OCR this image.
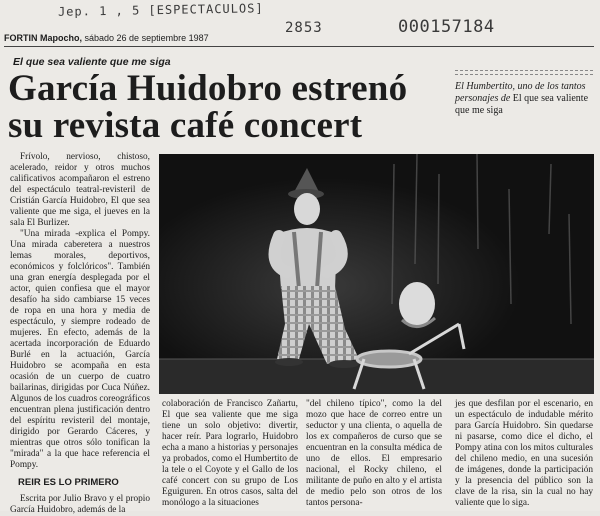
Jep. 1 , 5 [ESPECTACULOS]
2853	000157184
FORTIN Mapocho, sábado 26 de septiembre 1987
El que sea valiente que me siga
García Huidobro estrenó su revista café concert
El Humbertito, uno de los tantos personajes de El que sea valiente que me siga

Frívolo, nervioso, chistoso, acelerado, reidor y otros muchos calificativos acompañaron el estreno del espectáculo teatral-revisteril de Cristián García Huidobro, El que sea valiente que me siga, el jueves en la sala El Burlizer.

"Una mirada -explica el Pompy. Una mirada caberetera a nuestros lemas morales, deportivos, económicos y folclóricos". También una gran energía desplegada por el actor, quien confiesa que el mayor desafío ha sido cambiarse 15 veces de ropa en una hora y media de espectáculo, y siempre rodeado de mujeres. En efecto, además de la acertada incorporación de Eduardo Burlé en la actuación, García Huidobro se acompaña en esta ocasión de un cuerpo de cuatro bailarinas, dirigidas por Cuca Núñez. Algunos de los cuadros coreográficos encuentran plena justificación dentro del espíritu revisteril del montaje, dirigido por Gerardo Cáceres, y mientras que otros sólo tonifican la "mirada" a la que hace referencia el Pompy.

REIR ES LO PRIMERO

Escrita por Julio Bravo y el propio García Huidobro, además de la

colaboración de Francisco Zañartu, El que sea valiente que me siga tiene un solo objetivo: divertir, hacer reír. Para lograrlo, Huidobro echa a mano a historias y personajes ya probados, como el Humbertito de la tele o el Coyote y el Gallo de los café concert con su grupo de Los Eguiguren. En otros casos, salta del monólogo a la situaciones

"del chileno típico", como la del mozo que hace de correo entre un seductor y una clienta, o aquella de los ex compañeros de curso que se encuentran en la consulta médica de uno de ellos. El empresario nacional, el Rocky chileno, el militante de puño en alto y el artista de medio pelo son otros de los tantos persona-

jes que desfilan por el escenario, en un espectáculo de indudable mérito para García Huidobro. Sin quedarse ni pasarse, como dice el dicho, el Pompy atina con los mitos culturales del chileno medio, en una sucesión de imágenes, donde la participación y la presencia del público son la clave de la risa, sin la cual no hay valiente que lo siga.
